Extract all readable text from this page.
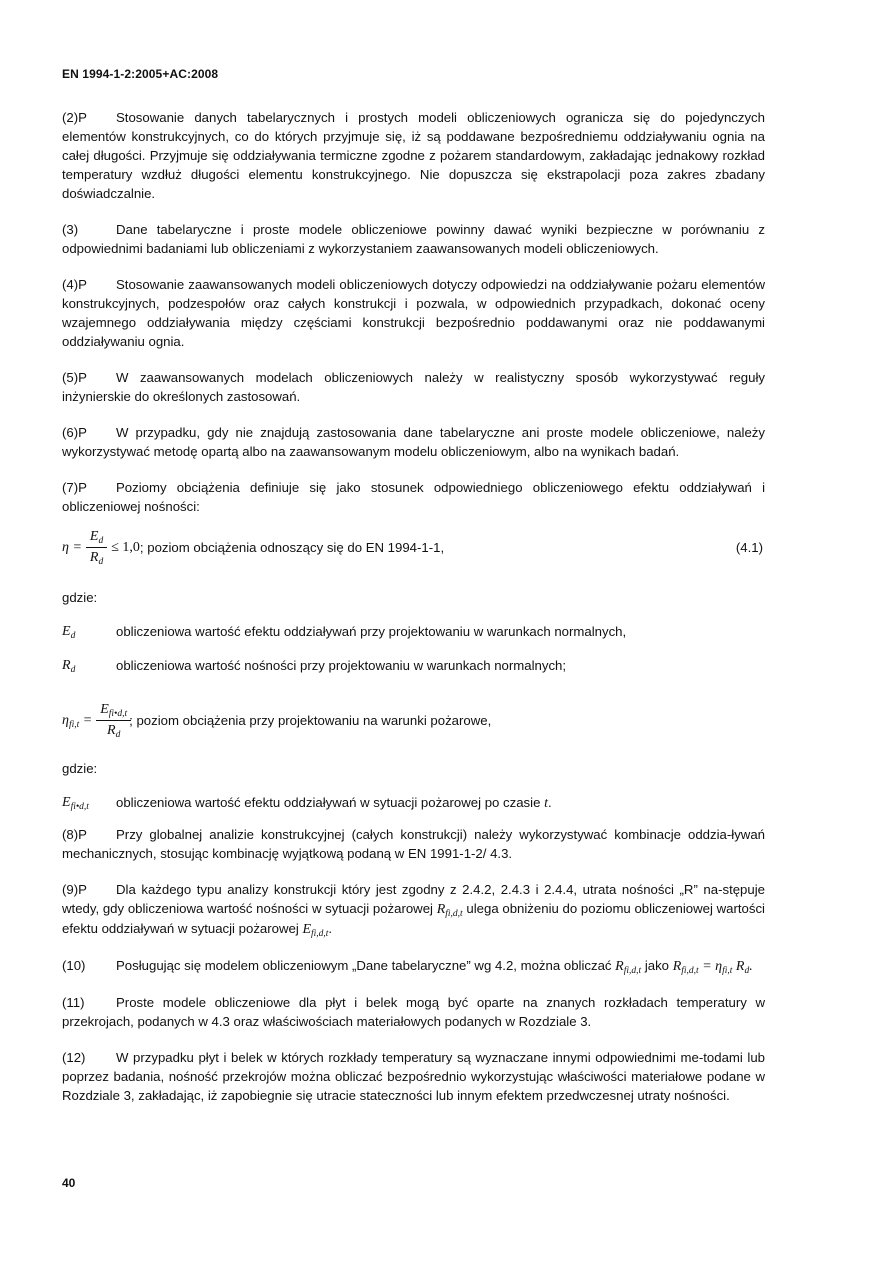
EN 1994-1-2:2005+AC:2008

(2)P Stosowanie danych tabelarycznych i prostych modeli obliczeniowych ogranicza się do pojedynczych elementów konstrukcyjnych, co do których przyjmuje się, iż są poddawane bezpośredniemu oddziaływaniu ognia na całej długości. Przyjmuje się oddziaływania termiczne zgodne z pożarem standardowym, zakładając jednakowy rozkład temperatury wzdłuż długości elementu konstrukcyjnego. Nie dopuszcza się ekstrapolacji poza zakres zbadany doświadczalnie.

(3)	Dane tabelaryczne i proste modele obliczeniowe powinny dawać wyniki bezpieczne w porównaniu z odpowiednimi badaniami lub obliczeniami z wykorzystaniem zaawansowanych modeli obliczeniowych.

(4)P Stosowanie zaawansowanych modeli obliczeniowych dotyczy odpowiedzi na oddziaływanie pożaru elementów konstrukcyjnych, podzespołów oraz całych konstrukcji i pozwala, w odpowiednich przypadkach, dokonać oceny wzajemnego oddziaływania między częściami konstrukcji bezpośrednio poddawanymi oraz nie poddawanymi oddziaływaniu ognia.

(5)P W zaawansowanych modelach obliczeniowych należy w realistyczny sposób wykorzystywać reguły inżynierskie do określonych zastosowań.

(6)P W przypadku, gdy nie znajdują zastosowania dane tabelaryczne ani proste modele obliczeniowe, należy wykorzystywać metodę opartą albo na zaawansowanym modelu obliczeniowym, albo na wynikach badań.

(7)P Poziomy obciążenia definiuje się jako stosunek odpowiedniego obliczeniowego efektu oddziaływań i obliczeniowej nośności:

$\eta = \frac{E_d}{R_d} \le 1,0$ ; poziom obciążenia odnoszący się do EN 1994-1-1,	(4.1)
gdzie:
$E_d$	obliczeniowa wartość efektu oddziaływań przy projektowaniu w warunkach normalnych,
$R_d$	obliczeniowa wartość nośności przy projektowaniu w warunkach normalnych;
$\eta_{fi,t} = \frac{E_{fi•d,t}}{R_d}$
; poziom obciążenia przy projektowaniu na warunki pożarowe,
gdzie:
$E_{fi•d,t}$	obliczeniowa wartość efektu oddziaływań w sytuacji pożarowej po czasie t.

(8)P Przy globalnej analizie konstrukcyjnej (całych konstrukcji) należy wykorzystywać kombinacje oddzia-ływań mechanicznych, stosując kombinację wyjątkową podaną w EN 1991-1-2/ 4.3.

(9)P Dla każdego typu analizy konstrukcji który jest zgodny z 2.4.2, 2.4.3 i 2.4.4, utrata nośności „R” na-stępuje wtedy, gdy obliczeniowa wartość nośności w sytuacji pożarowej $R_{fi,d,t}$ ulega obniżeniu do poziomu obliczeniowej wartości efektu oddziaływań w sytuacji pożarowej $E_{fi,d,t}$.

(10) Posługując się modelem obliczeniowym „Dane tabelaryczne” wg 4.2, można obliczać $R_{fi,d,t}$ jako $R_{fi,d,t} = \eta_{fi,t}$ $R_d$.

(11) Proste modele obliczeniowe dla płyt i belek mogą być oparte na znanych rozkładach temperatury w przekrojach, podanych w 4.3 oraz właściwościach materiałowych podanych w Rozdziale 3.

(12) W przypadku płyt i belek w których rozkłady temperatury są wyznaczane innymi odpowiednimi me-todami lub poprzez badania, nośność przekrojów można obliczać bezpośrednio wykorzystując właściwości materiałowe podane w Rozdziale 3, zakładając, iż zapobiegnie się utracie stateczności lub innym efektem przedwczesnej utraty nośności.

40
